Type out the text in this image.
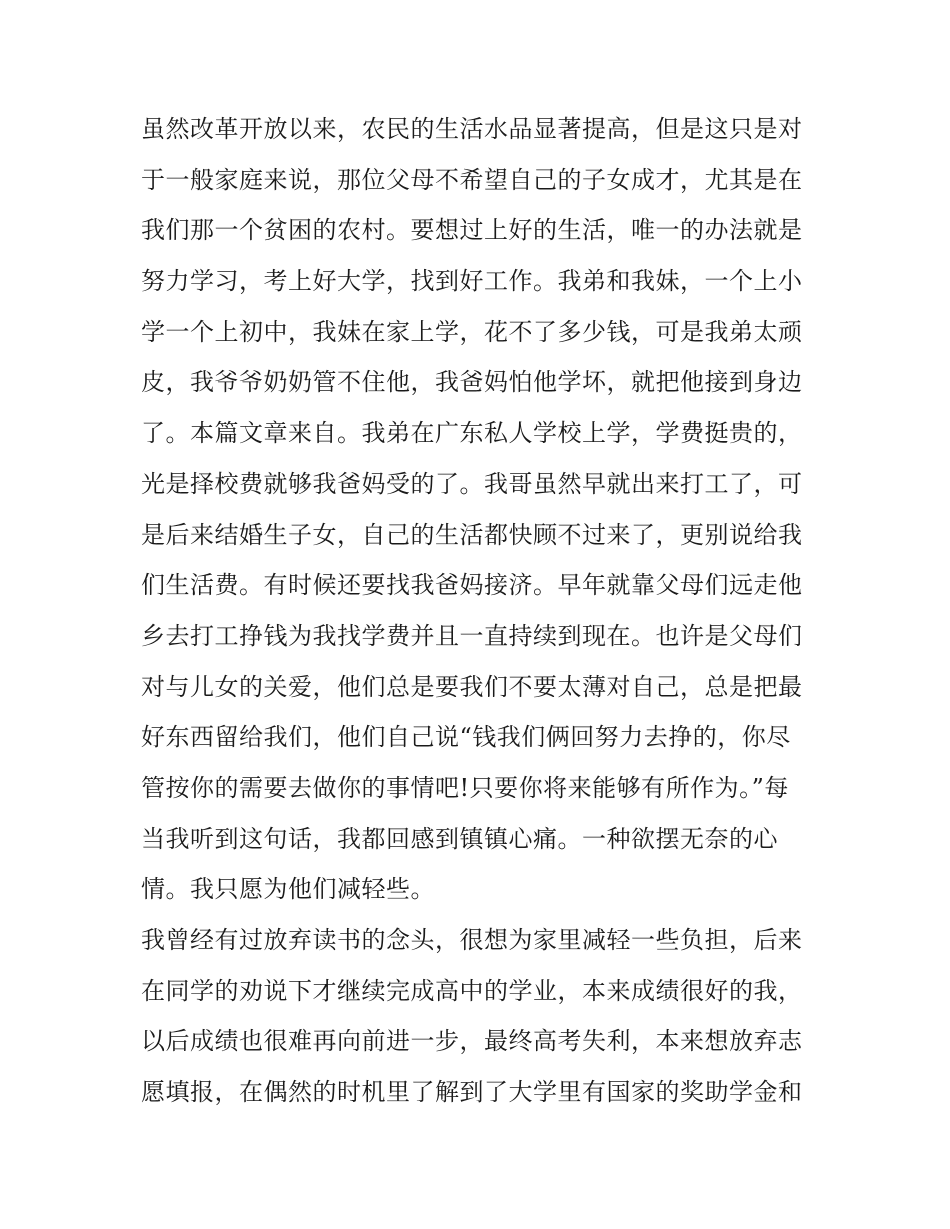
虽然改革开放以来，农民的生活水品显著提高，但是这只是对
于一般家庭来说，那位父母不希望自己的子女成才，尤其是在
我们那一个贫困的农村。要想过上好的生活，唯一的办法就是
努力学习，考上好大学，找到好工作。我弟和我妹，一个上小
学一个上初中，我妹在家上学，花不了多少钱，可是我弟太顽
皮，我爷爷奶奶管不住他，我爸妈怕他学坏，就把他接到身边
了。本篇文章来自。我弟在广东私人学校上学，学费挺贵的，
光是择校费就够我爸妈受的了。我哥虽然早就出来打工了，可
是后来结婚生子女，自己的生活都快顾不过来了，更别说给我
们生活费。有时候还要找我爸妈接济。早年就靠父母们远走他
乡去打工挣钱为我找学费并且一直持续到现在。也许是父母们
对与儿女的关爱，他们总是要我们不要太薄对自己，总是把最
好东西留给我们，他们自己说“钱我们俩回努力去挣的，你尽
管按你的需要去做你的事情吧!只要你将来能够有所作为。”每
当我听到这句话，我都回感到镇镇心痛。一种欲摆无奈的心
情。我只愿为他们减轻些。
我曾经有过放弃读书的念头，很想为家里减轻一些负担，后来
在同学的劝说下才继续完成高中的学业，本来成绩很好的我，
以后成绩也很难再向前进一步，最终高考失利，本来想放弃志
愿填报，在偶然的时机里了解到了大学里有国家的奖助学金和
